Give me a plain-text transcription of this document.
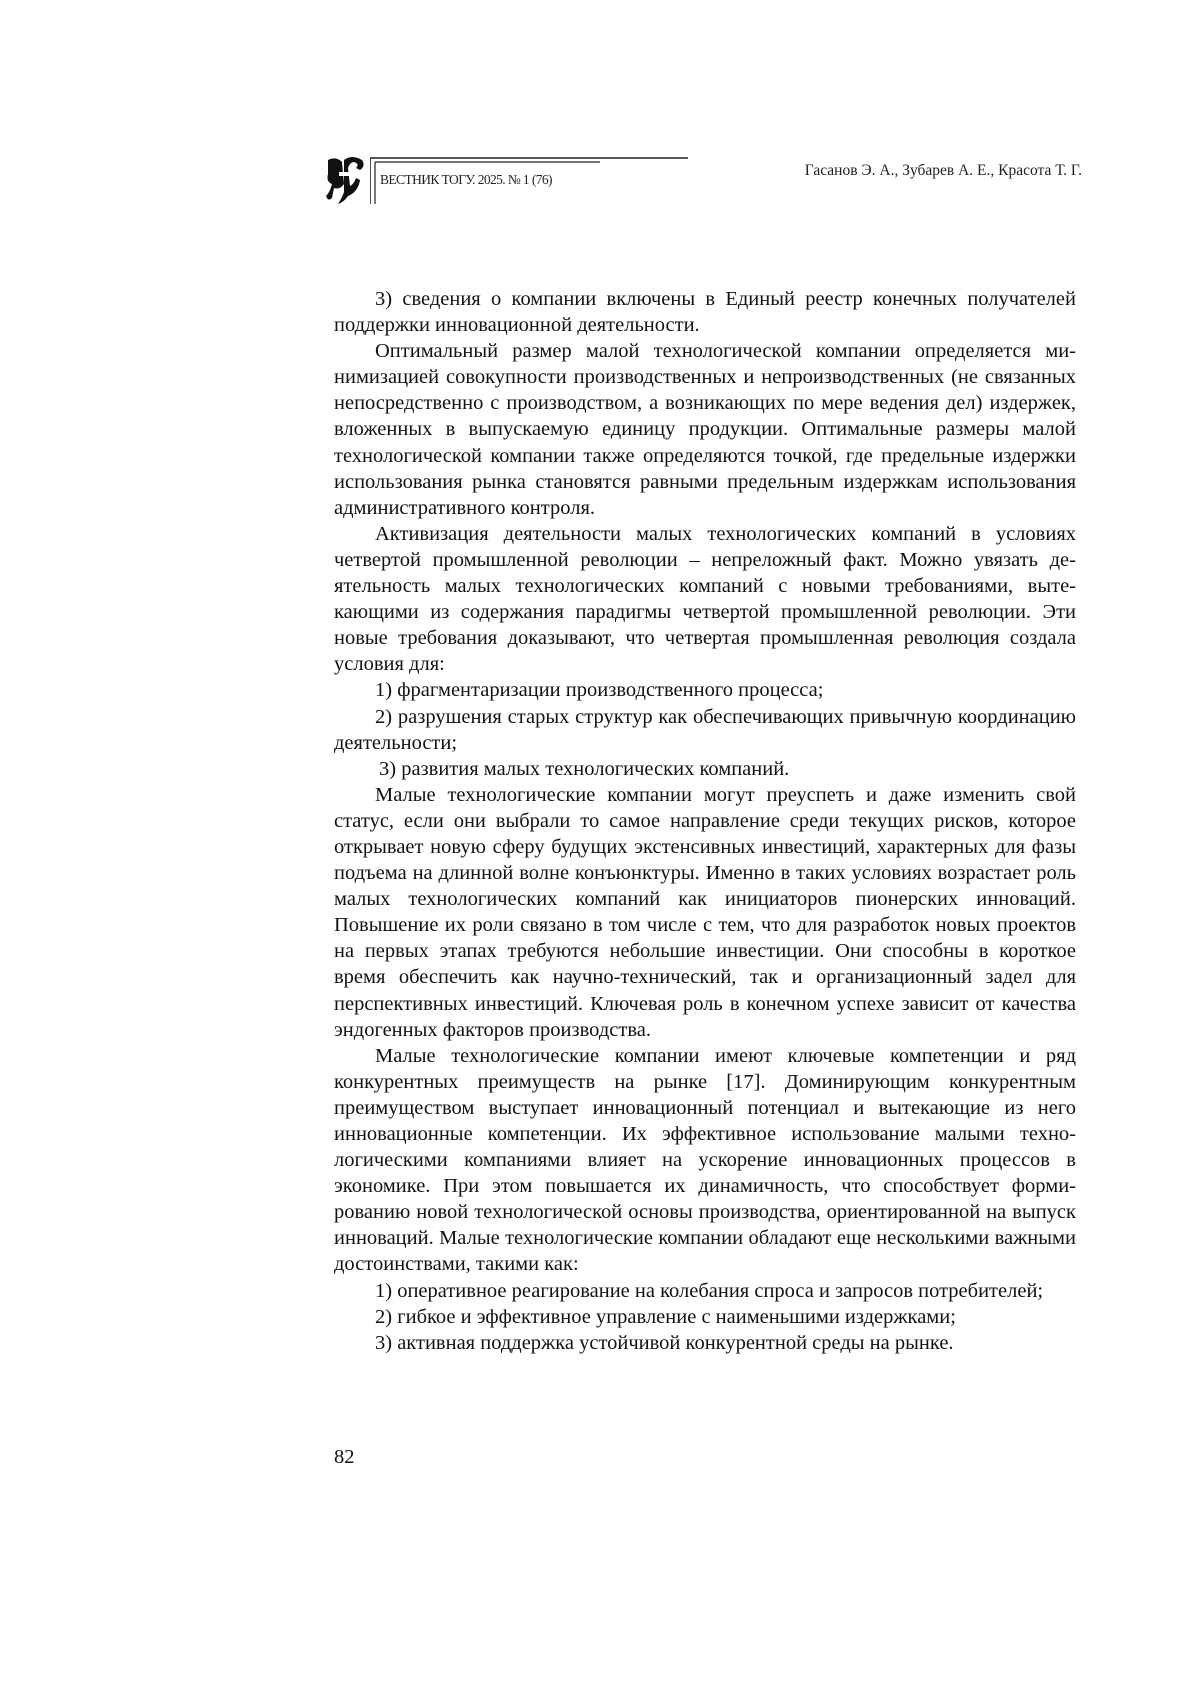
ВЕСТНИК ТОГУ. 2025. № 1 (76)
Гасанов Э. А., Зубарев А. Е., Красота Т. Г.

3) сведения о компании включены в Единый реестр конечных получателей поддержки инновационной деятельности.

Оптимальный размер малой технологической компании определяется минимизацией совокупности производственных и непроизводственных (не связанных непосредственно с производством, а возникающих по мере ведения дел) издержек, вложенных в выпускаемую единицу продукции. Оптимальные размеры малой технологической компании также определяются точкой, где предельные издержки использования рынка становятся равными предельным издержкам использования административного контроля.

Активизация деятельности малых технологических компаний в условиях четвертой промышленной революции – непреложный факт. Можно увязать деятельность малых технологических компаний с новыми требованиями, вытекающими из содержания парадигмы четвертой промышленной революции. Эти новые требования доказывают, что четвертая промышленная революция создала условия для:

1) фрагментаризации производственного процесса;

2) разрушения старых структур как обеспечивающих привычную координацию деятельности;

3) развития малых технологических компаний.

Малые технологические компании могут преуспеть и даже изменить свой статус, если они выбрали то самое направление среди текущих рисков, которое открывает новую сферу будущих экстенсивных инвестиций, характерных для фазы подъема на длинной волне конъюнктуры. Именно в таких условиях возрастает роль малых технологических компаний как инициаторов пионерских инноваций. Повышение их роли связано в том числе с тем, что для разработок новых проектов на первых этапах требуются небольшие инвестиции. Они способны в короткое время обеспечить как научно-технический, так и организационный задел для перспективных инвестиций. Ключевая роль в конечном успехе зависит от качества эндогенных факторов производства.

Малые технологические компании имеют ключевые компетенции и ряд конкурентных преимуществ на рынке [17]. Доминирующим конкурентным преимуществом выступает инновационный потенциал и вытекающие из него инновационные компетенции. Их эффективное использование малыми технологическими компаниями влияет на ускорение инновационных процессов в экономике. При этом повышается их динамичность, что способствует формированию новой технологической основы производства, ориентированной на выпуск инноваций. Малые технологические компании обладают еще несколькими важными достоинствами, такими как:

1) оперативное реагирование на колебания спроса и запросов потребителей;

2) гибкое и эффективное управление с наименьшими издержками;

3) активная поддержка устойчивой конкурентной среды на рынке.

82
